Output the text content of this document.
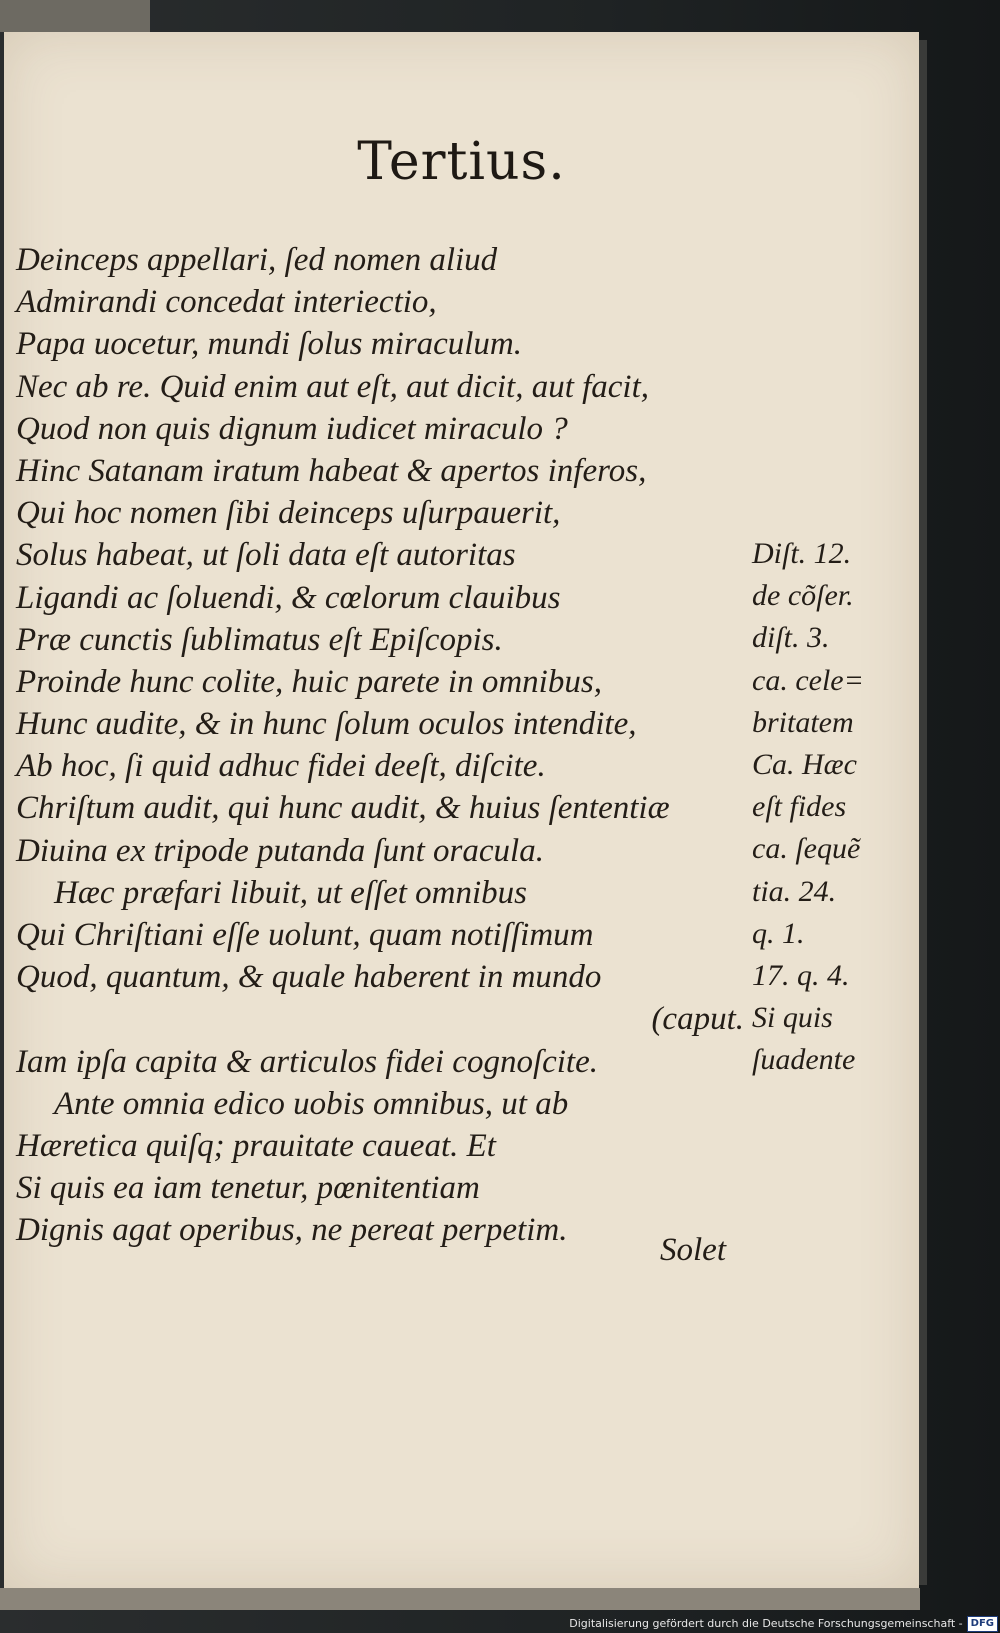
Tertius.
Deinceps appellari, ſed nomen aliud
Admirandi concedat interiectio,
Papa uocetur, mundi ſolus miraculum.
Nec ab re. Quid enim aut eſt, aut dicit, aut facit,
Quod non quis dignum iudicet miraculo ?
Hinc Satanam iratum habeat & apertos inferos,
Qui hoc nomen ſibi deinceps uſurpauerit,
Solus habeat, ut ſoli data eſt autoritas
Ligandi ac ſoluendi, & cœlorum clauibus
Præ cunctis ſublimatus eſt Epiſcopis.
Proinde hunc colite, huic parete in omnibus,
Hunc audite, & in hunc ſolum oculos intendite,
Ab hoc, ſi quid adhuc fidei deeſt, diſcite.
Chriſtum audit, qui hunc audit, & huius ſententiæ
Diuina ex tripode putanda ſunt oracula.
Hæc præfari libuit, ut eſſet omnibus
Qui Chriſtiani eſſe uolunt, quam notiſſimum
Quod, quantum, & quale haberent in mundo
(caput.
Iam ipſa capita & articulos fidei cognoſcite.
Ante omnia edico uobis omnibus, ut ab
Hæretica quiſq; prauitate caueat. Et
Si quis ea iam tenetur, pœnitentiam
Dignis agat operibus, ne pereat perpetim.
Diſt. 12.
de cõſer.
diſt. 3.
ca. cele=
britatem
Ca. Hæc
eſt fides
ca. ſequẽ
tia. 24.
q. 1.
17. q. 4.
Si quis
ſuadente
Solet
Digitalisierung gefördert durch die Deutsche Forschungsgemeinschaft - DFG
